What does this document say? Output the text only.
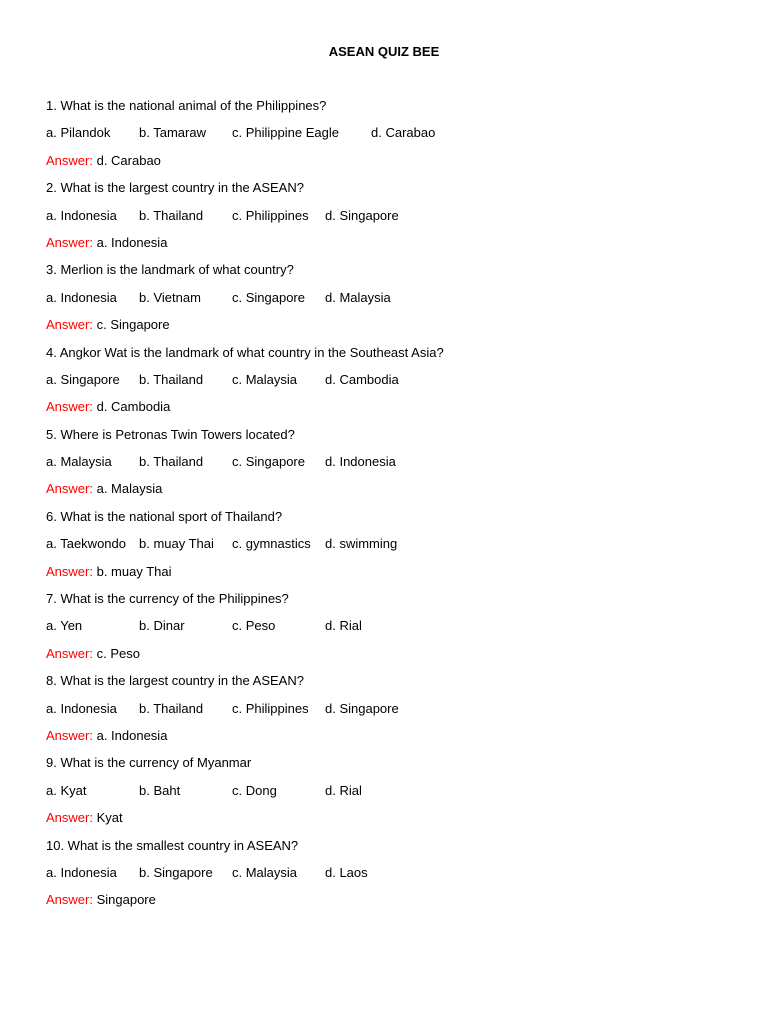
ASEAN QUIZ BEE
1. What is the national animal of the Philippines?
a. Pilandok b. Tamaraw c. Philippine Eagle d. Carabao
Answer: d. Carabao
2. What is the largest country in the ASEAN?
a. Indonesia b. Thailand c. Philippines d. Singapore
Answer: a. Indonesia
3. Merlion is the landmark of what country?
a. Indonesia b. Vietnam c. Singapore d. Malaysia
Answer: c. Singapore
4. Angkor Wat is the landmark of what country in the Southeast Asia?
a. Singapore b. Thailand c. Malaysia d. Cambodia
Answer: d. Cambodia
5. Where is Petronas Twin Towers located?
a. Malaysia b. Thailand c. Singapore d. Indonesia
Answer: a. Malaysia
6. What is the national sport of Thailand?
a. Taekwondo b. muay Thai c. gymnastics d. swimming
Answer: b. muay Thai
7. What is the currency of the Philippines?
a. Yen	b. Dinar	c. Peso	d. Rial
Answer: c. Peso
8. What is the largest country in the ASEAN?
a. Indonesia b. Thailand c. Philippines d. Singapore
Answer: a. Indonesia
9. What is the currency of Myanmar
a. Kyat	b. Baht	c. Dong	d. Rial
Answer: Kyat
10. What is the smallest country in ASEAN?
a. Indonesia b. Singapore c. Malaysia d. Laos
Answer: Singapore
